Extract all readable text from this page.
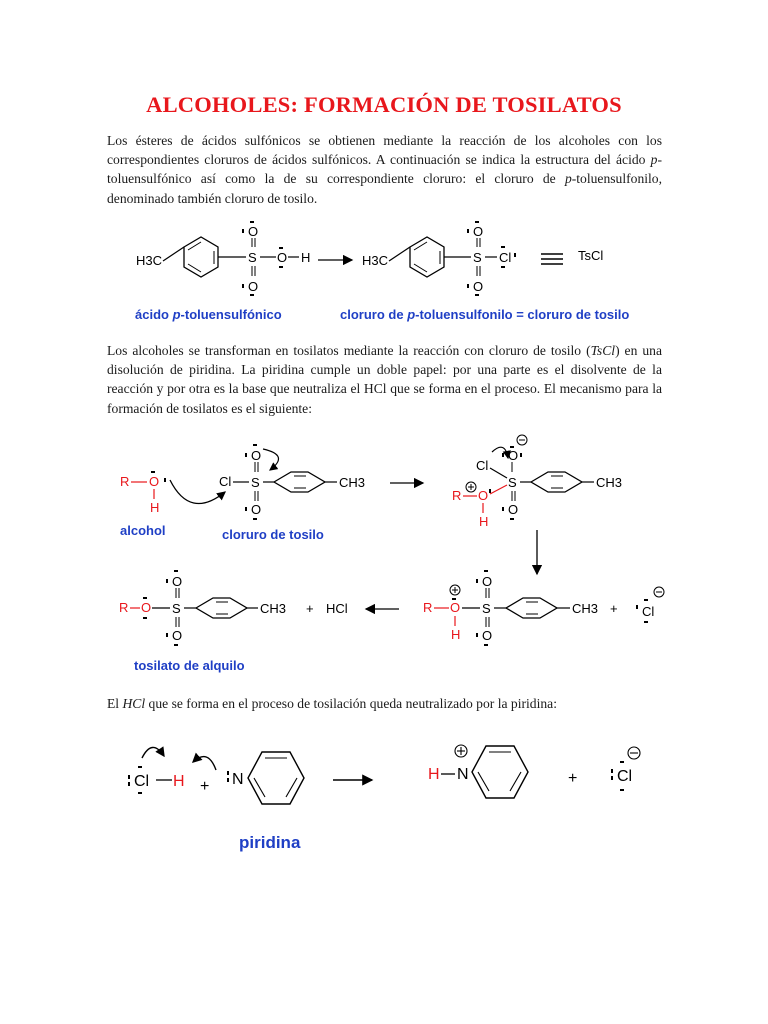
ALCOHOLES: FORMACIÓN DE TOSILATOS
Los ésteres de ácidos sulfónicos se obtienen mediante la reacción de los alcoholes con los correspondientes cloruros de ácidos sulfónicos. A continuación se indica la estructura del ácido p-toluensulfónico así como la de su correspondiente cloruro: el cloruro de p-toluensulfonilo, denominado también cloruro de tosilo.
Los alcoholes se transforman en tosilatos mediante la reacción con cloruro de tosilo (TsCl) en una disolución de piridina. La piridina cumple un doble papel: por una parte es el disolvente de la reacción y por otra es la base que neutraliza el HCl que se forma en el proceso. El mecanismo para la formación de tosilatos es el siguiente:
El HCl que se forma en el proceso de tosilación queda neutralizado por la piridina:
H3C	S
O
O
O H	H3C	S
O
O
Cl	TsCl
ácido p-toluensulfónico	cloruro de p-toluensulfonilo = cloruro de tosilo
R O
H
Cl S
O
O
CH3
alcohol	cloruro de tosilo
Cl
S
O
O
R O
H
CH3
R O S
O
O
CH3 + HCl
tosilato de alquilo
R O
H
S
O
O
CH3 + Cl
Cl H + N
piridina
H N	+ Cl
